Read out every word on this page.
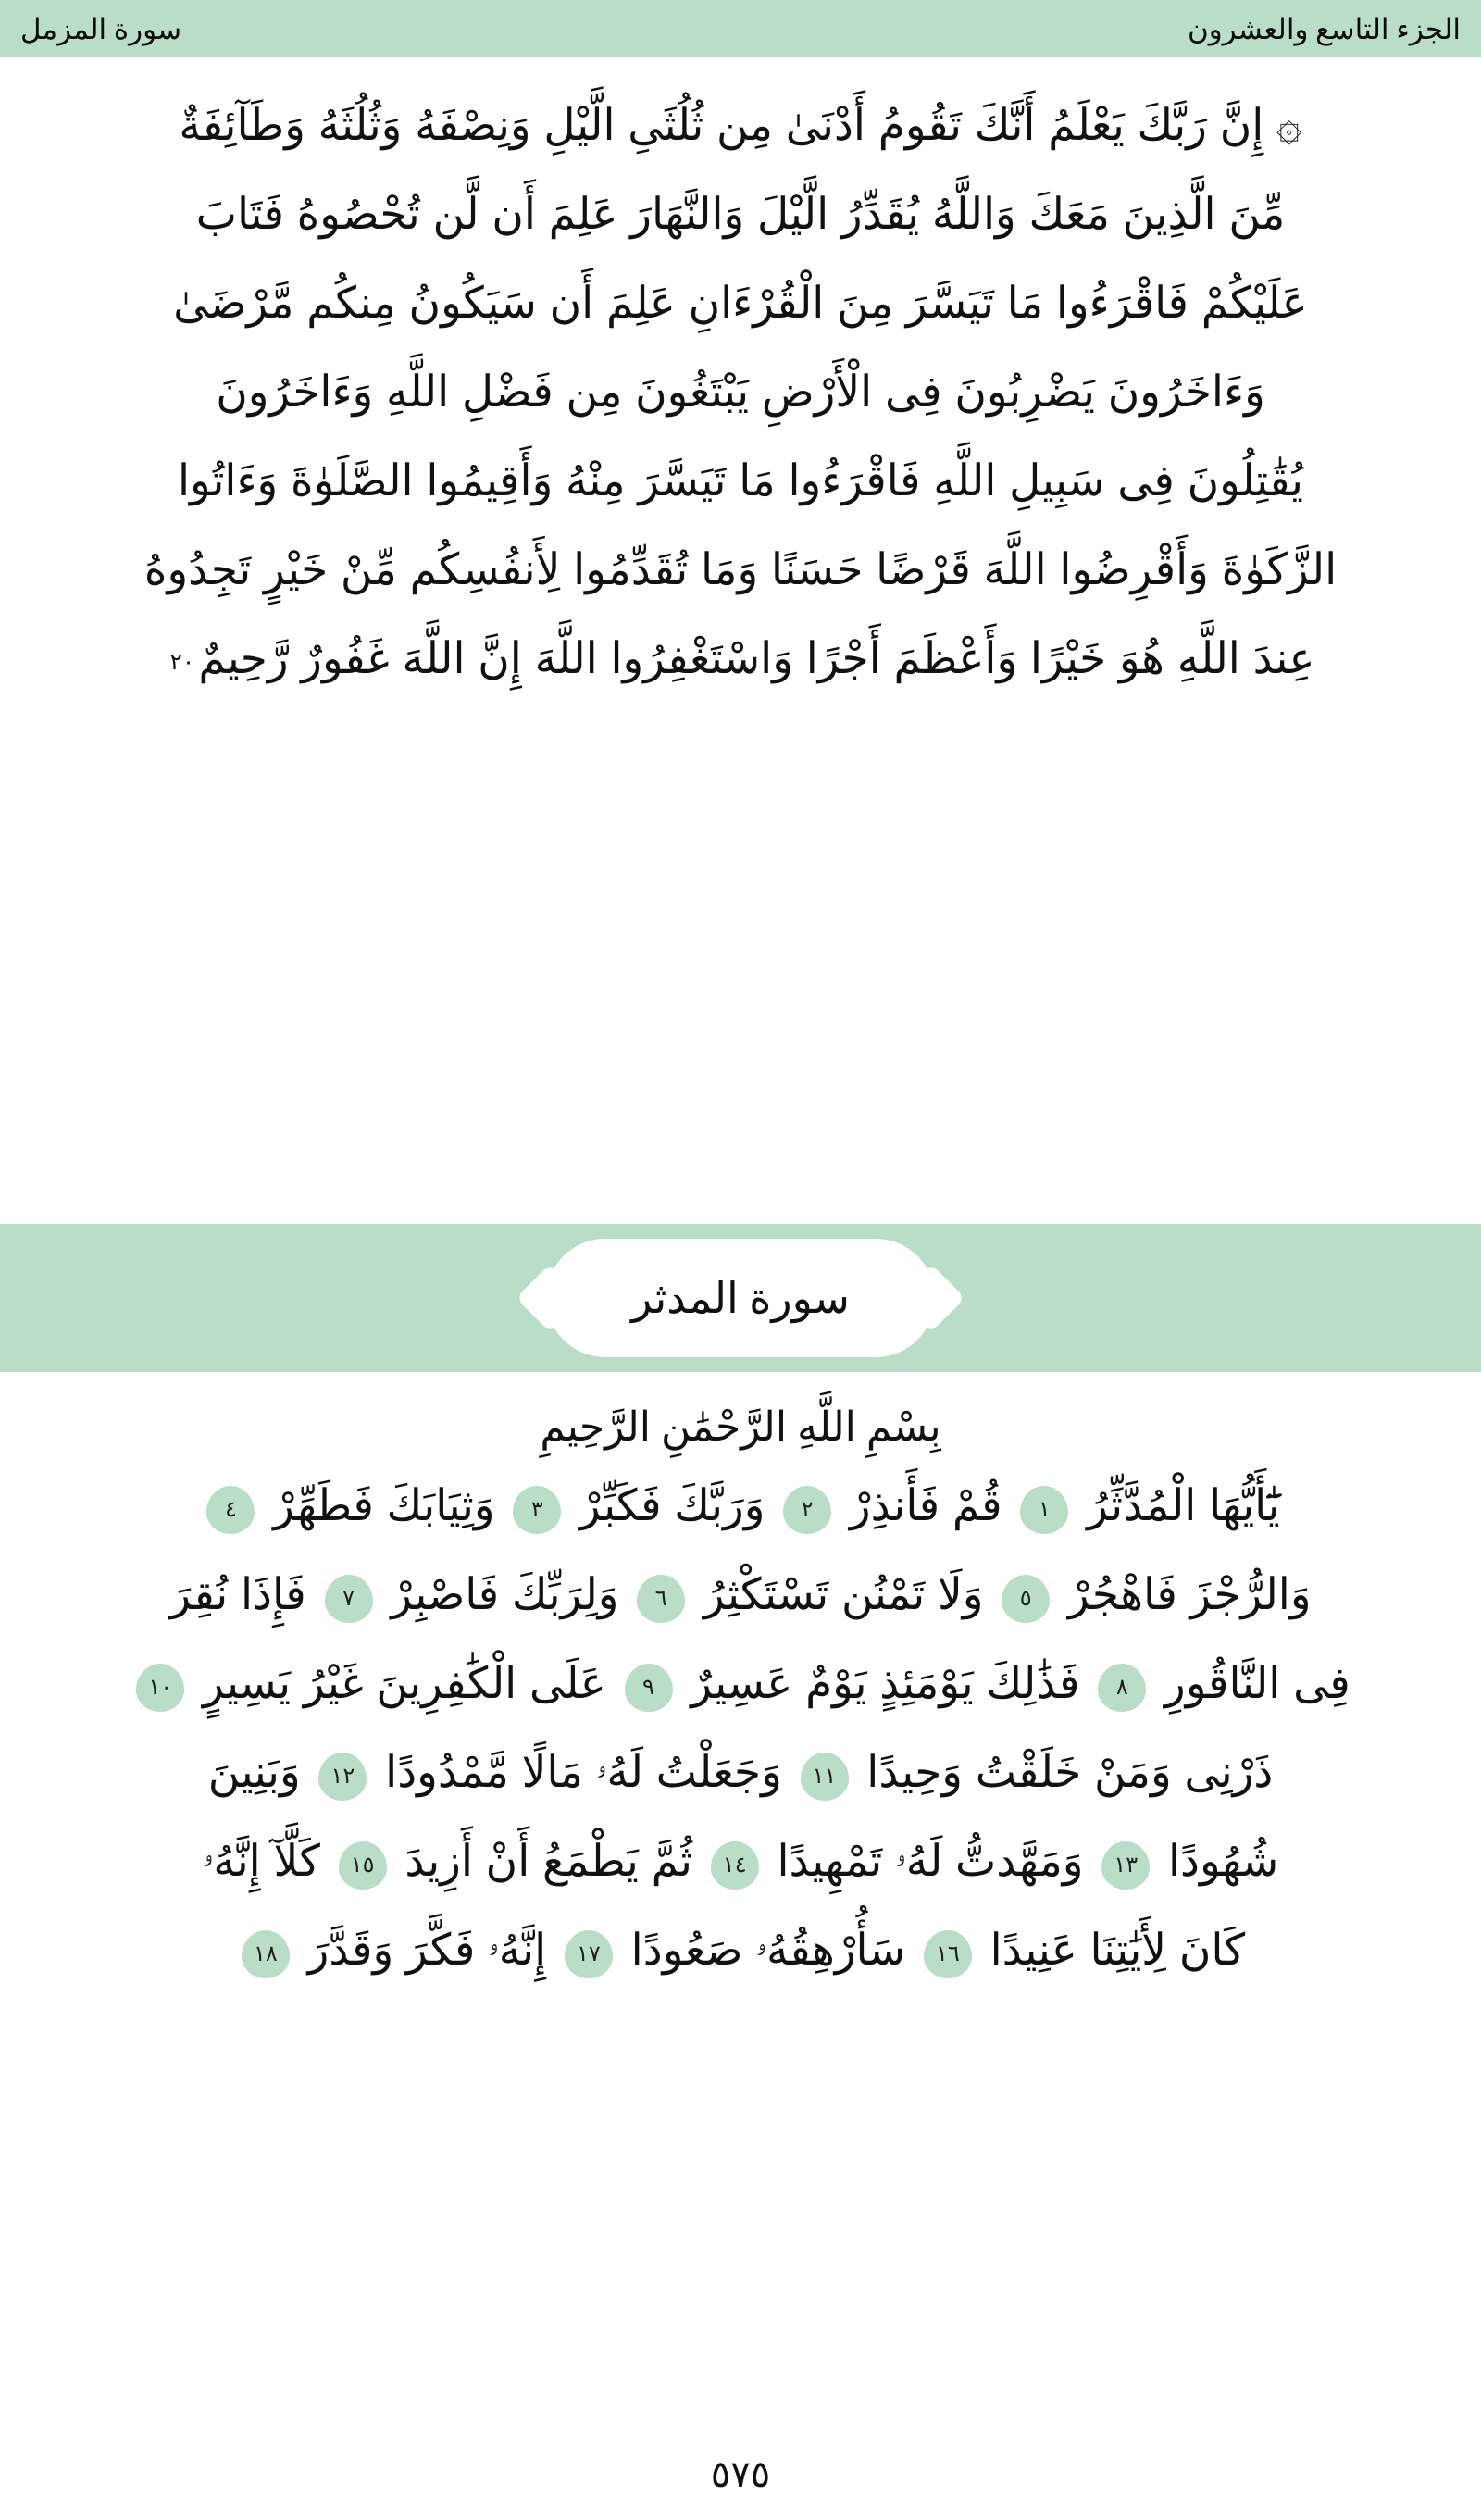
الجزء التاسع والعشرون
سورة المزمل
۞ إِنَّ رَبَّكَ يَعْلَمُ أَنَّكَ تَقُومُ أَدْنَىٰ مِن ثُلُثَىِ الَّيْلِ وَنِصْفَهُ وَثُلُثَهُ وَطَآئِفَةٌ
مِّنَ الَّذِينَ مَعَكَ وَاللَّهُ يُقَدِّرُ الَّيْلَ وَالنَّهَارَ عَلِمَ أَن لَّن تُحْصُوهُ فَتَابَ
عَلَيْكُمْ فَاقْرَءُوا مَا تَيَسَّرَ مِنَ الْقُرْءَانِ عَلِمَ أَن سَيَكُونُ مِنكُم مَّرْضَىٰ
وَءَاخَرُونَ يَضْرِبُونَ فِى الْأَرْضِ يَبْتَغُونَ مِن فَضْلِ اللَّهِ وَءَاخَرُونَ
يُقَٰتِلُونَ فِى سَبِيلِ اللَّهِ فَاقْرَءُوا مَا تَيَسَّرَ مِنْهُ وَأَقِيمُوا الصَّلَوٰةَ وَءَاتُوا
الزَّكَوٰةَ وَأَقْرِضُوا اللَّهَ قَرْضًا حَسَنًا وَمَا تُقَدِّمُوا لِأَنفُسِكُم مِّنْ خَيْرٍ تَجِدُوهُ
عِندَ اللَّهِ هُوَ خَيْرًا وَأَعْظَمَ أَجْرًا وَاسْتَغْفِرُوا اللَّهَ إِنَّ اللَّهَ غَفُورٌ رَّحِيمٌ٢٠
سورة المدثر
بِسْمِ اللَّهِ الرَّحْمَٰنِ الرَّحِيمِ
يَٰٓأَيُّهَا الْمُدَّثِّرُ ١ قُمْ فَأَنذِرْ ٢ وَرَبَّكَ فَكَبِّرْ ٣ وَثِيَابَكَ فَطَهِّرْ ٤
وَالرُّجْزَ فَاهْجُرْ ٥ وَلَا تَمْنُن تَسْتَكْثِرُ ٦ وَلِرَبِّكَ فَاصْبِرْ ٧ فَإِذَا نُقِرَ
فِى النَّاقُورِ ٨ فَذَٰلِكَ يَوْمَئِذٍ يَوْمٌ عَسِيرٌ ٩ عَلَى الْكَٰفِرِينَ غَيْرُ يَسِيرٍ ١٠
ذَرْنِى وَمَنْ خَلَقْتُ وَحِيدًا ١١ وَجَعَلْتُ لَهُۥ مَالًا مَّمْدُودًا ١٢ وَبَنِينَ
شُهُودًا ١٣ وَمَهَّدتُّ لَهُۥ تَمْهِيدًا ١٤ ثُمَّ يَطْمَعُ أَنْ أَزِيدَ ١٥ كَلَّآ إِنَّهُۥ
كَانَ لِأَيَٰتِنَا عَنِيدًا ١٦ سَأُرْهِقُهُۥ صَعُودًا ١٧ إِنَّهُۥ فَكَّرَ وَقَدَّرَ ١٨
٥٧٥
